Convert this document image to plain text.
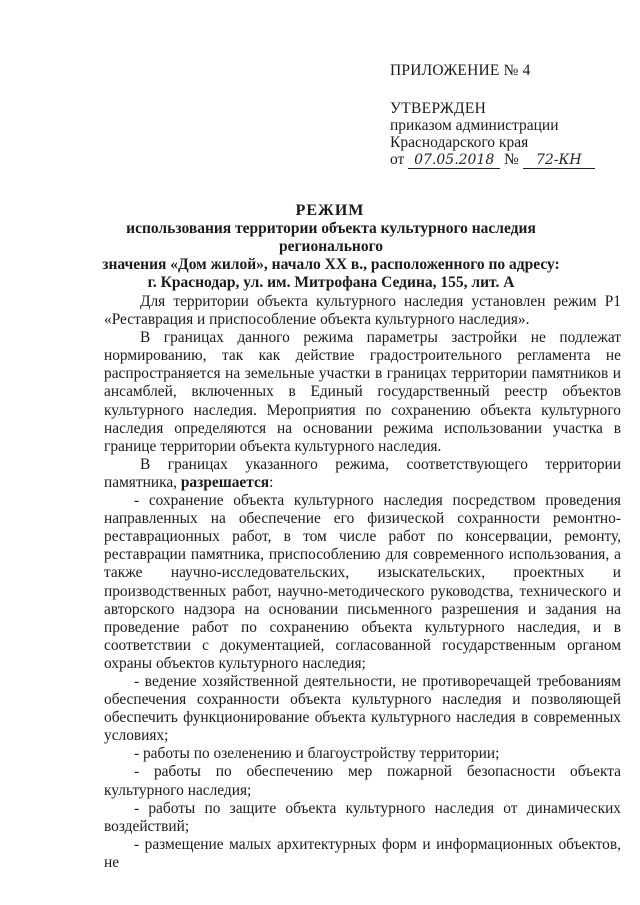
ПРИЛОЖЕНИЕ № 4
УТВЕРЖДЕН
приказом администрации
Краснодарского края
от 07.05.2018 № 72-КН
РЕЖИМ
использования территории объекта культурного наследия регионального
значения «Дом жилой», начало XX в., расположенного по адресу:
г. Краснодар, ул. им. Митрофана Седина, 155, лит. А

Для территории объекта культурного наследия установлен режим Р1 «Реставрация и приспособление объекта культурного наследия».

В границах данного режима параметры застройки не подлежат нормированию, так как действие градостроительного регламента не распространяется на земельные участки в границах территории памятников и ансамблей, включенных в Единый государственный реестр объектов культурного наследия. Мероприятия по сохранению объекта культурного наследия определяются на основании режима использовании участка в границе территории объекта культурного наследия.

В границах указанного режима, соответствующего территории памятника, разрешается:

- сохранение объекта культурного наследия посредством проведения направленных на обеспечение его физической сохранности ремонтно-реставрационных работ, в том числе работ по консервации, ремонту, реставрации памятника, приспособлению для современного использования, а также научно-исследовательских, изыскательских, проектных и производственных работ, научно-методического руководства, технического и авторского надзора на основании письменного разрешения и задания на проведение работ по сохранению объекта культурного наследия, и в соответствии с документацией, согласованной государственным органом охраны объектов культурного наследия;

- ведение хозяйственной деятельности, не противоречащей требованиям обеспечения сохранности объекта культурного наследия и позволяющей обеспечить функционирование объекта культурного наследия в современных условиях;

- работы по озеленению и благоустройству территории;

- работы по обеспечению мер пожарной безопасности объекта культурного наследия;

- работы по защите объекта культурного наследия от динамических воздействий;

- размещение малых архитектурных форм и информационных объектов, не
